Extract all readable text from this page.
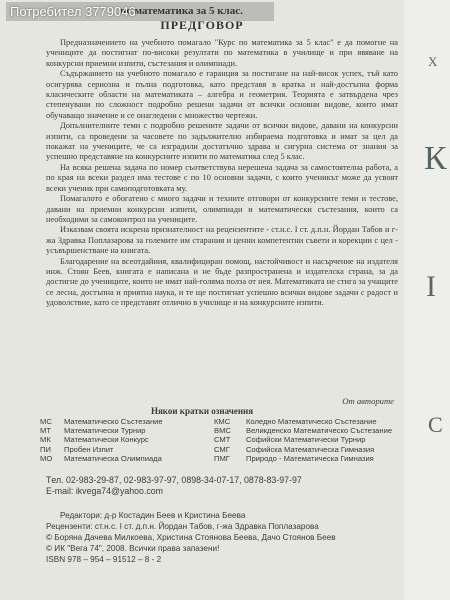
по математика за 5 клас.
ПРЕДГОВОР

Предназначението на учебното помагало "Курс по математика за 5 клас" е да помогне на учениците да постигнат по-високи резултати по математика в училище и при явяване на конкурсни приемни изпити, състезания и олимпиади.

Съдържанието на учебното помагало е гаранция за постигане на най-висок успех, тъй като осигурява сериозна и пълна подготовка, като представя в кратка и най-достъпна форма класическите области на математиката – алгебра и геометрия. Теорията е затвърдена чрез степенувани по сложност подробно решени задачи от всички основни видове, които имат обучаващо значение и се онагледени с множество чертежи.

Допълнителните теми с подробно решените задачи от всички видове, давани на конкурсни изпити, са проведени за часовете по задължително избираема подготовка и имат за цел да покажат на учениците, че са изградили достатъчно здрава и сигурна система от знания за успешно представяне на конкурсните изпити по математика след 5 клас.

На всяка решена задача по номер съответствува нерешена задача за самостоятелна работа, а по края на всеки раздел има тестове с по 10 основни задачи, с които ученикът може да усвоят всеки ученик при самоподготовката му.

Помагалото е обогатено с много задачи и техните отговори от конкурсните теми и тестове, давани на приемни конкурсни изпити, олимпиади и математически състезания, които са необходими за самоконтрол на учениците.

Изказвам своята искрена признателност на рецензентите - ст.н.с. I ст. д.п.н. Йордан Табов и г-жа Здравка Поплазарова за големите им старания и ценни компетентни съвети и корекции с цел - усъвършенстване на книгата.

Благодарение на всеотдайния, квалифициран помощ, настойчивост и насърчение на издателя инж. Стоян Беев, книгата е написана и не бъде разпространена и издателска страна, за да достигне до учениците, които не имат най-голяма полза от нея. Математиката не стига за учащите се лесна, достъпна и приятна наука, и те ще постигнат успешно всички видове задачи с радост и удоволствие, като се представят отлично в училище и на конкурсните изпити.

От авторите
Някои кратки означения
МС	Математическо Състезание	КМС	Коледно Математическо Състезание
МТ	Математически Турнир	ВМС	Великденско Математическо Състезание
МК	Математически Конкурс	СМТ	Софийски Математически Турнир
ПИ	Пробен Изпит	СМГ	Софийска Математическа Гимназия
МО	Математическа Олимпиада	ПМГ	Природо - Математическа Гимназия
Tел. 02-983-29-87, 02-983-97-97, 0898-34-07-17, 0878-83-97-97
E-mail: ikvega74@yahoo.com
Редактори: д-р Костадин Беев и Кристина Беева
Рецензенти: ст.н.с. I ст. д.п.н. Йордан Табов, г-жа Здравка Поплазарова
© Боряна Дачева Милкоева, Христина Стоянова Беева, Дачо Стоянов Беев
© ИК "Вега 74", 2008. Всички права запазени!
ISBN 978 – 954 – 91512 – 8 - 2
Х
К
I
С
Потребител 3779046
